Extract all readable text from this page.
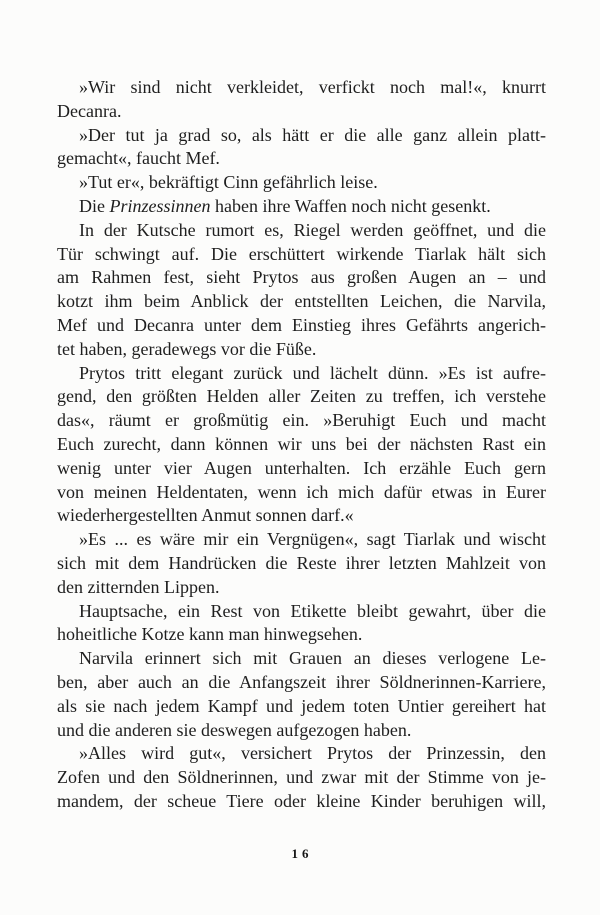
»Wir sind nicht verkleidet, verfickt noch mal!«, knurrt
Decanra.
»Der tut ja grad so, als hätt er die alle ganz allein platt-
gemacht«, faucht Mef.
»Tut er«, bekräftigt Cinn gefährlich leise.
Die Prinzessinnen haben ihre Waffen noch nicht gesenkt.
In der Kutsche rumort es, Riegel werden geöffnet, und die
Tür schwingt auf. Die erschüttert wirkende Tiarlak hält sich
am Rahmen fest, sieht Prytos aus großen Augen an – und
kotzt ihm beim Anblick der entstellten Leichen, die Narvila,
Mef und Decanra unter dem Einstieg ihres Gefährts angerich-
tet haben, geradewegs vor die Füße.
Prytos tritt elegant zurück und lächelt dünn. »Es ist aufre-
gend, den größten Helden aller Zeiten zu treffen, ich verstehe
das«, räumt er großmütig ein. »Beruhigt Euch und macht
Euch zurecht, dann können wir uns bei der nächsten Rast ein
wenig unter vier Augen unterhalten. Ich erzähle Euch gern
von meinen Heldentaten, wenn ich mich dafür etwas in Eurer
wiederhergestellten Anmut sonnen darf.«
»Es ... es wäre mir ein Vergnügen«, sagt Tiarlak und wischt
sich mit dem Handrücken die Reste ihrer letzten Mahlzeit von
den zitternden Lippen.
Hauptsache, ein Rest von Etikette bleibt gewahrt, über die
hoheitliche Kotze kann man hinwegsehen.
Narvila erinnert sich mit Grauen an dieses verlogene Le-
ben, aber auch an die Anfangszeit ihrer Söldnerinnen-Karriere,
als sie nach jedem Kampf und jedem toten Untier gereihert hat
und die anderen sie deswegen aufgezogen haben.
»Alles wird gut«, versichert Prytos der Prinzessin, den
Zofen und den Söldnerinnen, und zwar mit der Stimme von je-
mandem, der scheue Tiere oder kleine Kinder beruhigen will,
16
